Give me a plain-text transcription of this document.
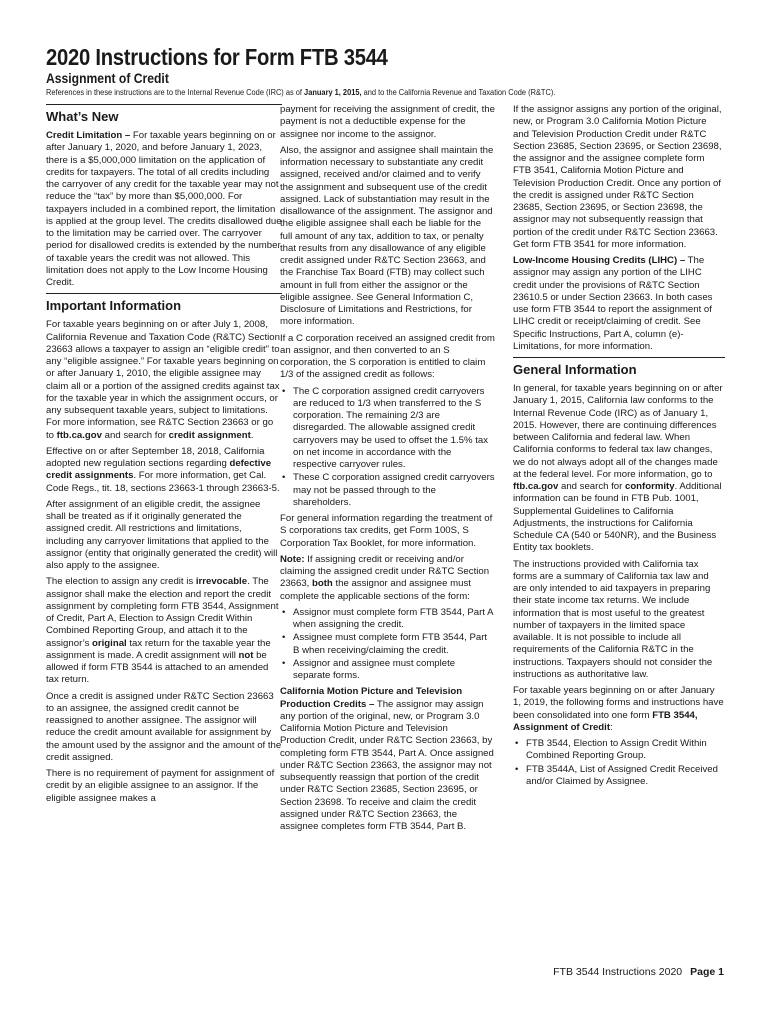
2020 Instructions for Form FTB 3544
Assignment of Credit
References in these instructions are to the Internal Revenue Code (IRC) as of January 1, 2015, and to the California Revenue and Taxation Code (R&TC).
What’s New

Credit Limitation – For taxable years beginning on or after January 1, 2020, and before January 1, 2023, there is a $5,000,000 limitation on the application of credits for taxpayers. The total of all credits including the carryover of any credit for the taxable year may not reduce the “tax” by more than $5,000,000. For taxpayers included in a combined report, the limitation is applied at the group level. The credits disallowed due to the limitation may be carried over. The carryover period for disallowed credits is extended by the number of taxable years the credit was not allowed. This limitation does not apply to the Low Income Housing Credit.

Important Information

For taxable years beginning on or after July 1, 2008, California Revenue and Taxation Code (R&TC) Section 23663 allows a taxpayer to assign an “eligible credit” to any “eligible assignee.” For taxable years beginning on or after January 1, 2010, the eligible assignee may claim all or a portion of the assigned credits against tax for the taxable year in which the assignment occurs, or any subsequent taxable years, subject to limitations. For more information, see R&TC Section 23663 or go to ftb.ca.gov and search for credit assignment.

Effective on or after September 18, 2018, California adopted new regulation sections regarding defective credit assignments. For more information, get Cal. Code Regs., tit. 18, sections 23663-1 through 23663-5.

After assignment of an eligible credit, the assignee shall be treated as if it originally generated the assigned credit. All restrictions and limitations, including any carryover limitations that applied to the assignor (entity that originally generated the credit) will also apply to the assignee.

The election to assign any credit is irrevocable. The assignor shall make the election and report the credit assignment by completing form FTB 3544, Assignment of Credit, Part A, Election to Assign Credit Within Combined Reporting Group, and attach it to the assignor’s original tax return for the taxable year the assignment is made. A credit assignment will not be allowed if form FTB 3544 is attached to an amended tax return.

Once a credit is assigned under R&TC Section 23663 to an assignee, the assigned credit cannot be reassigned to another assignee. The assignor will reduce the credit amount available for assignment by the amount used by the assignor and the amount of the credit assigned.

There is no requirement of payment for assignment of credit by an eligible assignee to an assignor. If the eligible assignee makes a

payment for receiving the assignment of credit, the payment is not a deductible expense for the assignee nor income to the assignor.

Also, the assignor and assignee shall maintain the information necessary to substantiate any credit assigned, received and/or claimed and to verify the assignment and subsequent use of the credit assigned. Lack of substantiation may result in the disallowance of the assignment. The assignor and the eligible assignee shall each be liable for the full amount of any tax, addition to tax, or penalty that results from any disallowance of any eligible credit assigned under R&TC Section 23663, and the Franchise Tax Board (FTB) may collect such amount in full from either the assignor or the eligible assignee. See General Information C, Disclosure of Limitations and Restrictions, for more information.

If a C corporation received an assigned credit from an assignor, and then converted to an S corporation, the S corporation is entitled to claim 1/3 of the assigned credit as follows:

• The C corporation assigned credit carryovers are reduced to 1/3 when transferred to the S corporation. The remaining 2/3 are disregarded. The allowable assigned credit carryovers may be used to offset the 1.5% tax on net income in accordance with the respective carryover rules.
• These C corporation assigned credit carryovers may not be passed through to the shareholders.

For general information regarding the treatment of S corporations tax credits, get Form 100S, S Corporation Tax Booklet, for more information.

Note: If assigning credit or receiving and/or claiming the assigned credit under R&TC Section 23663, both the assignor and assignee must complete the applicable sections of the form:

• Assignor must complete form FTB 3544, Part A when assigning the credit.
• Assignee must complete form FTB 3544, Part B when receiving/claiming the credit.
• Assignor and assignee must complete separate forms.

California Motion Picture and Television Production Credits – The assignor may assign any portion of the original, new, or Program 3.0 California Motion Picture and Television Production Credit, under R&TC Section 23663, by completing form FTB 3544, Part A. Once assigned under R&TC Section 23663, the assignor may not subsequently reassign that portion of the credit under R&TC Section 23685, Section 23695, or Section 23698. To receive and claim the credit assigned under R&TC Section 23663, the assignee completes form FTB 3544, Part B.

If the assignor assigns any portion of the original, new, or Program 3.0 California Motion Picture and Television Production Credit under R&TC Section 23685, Section 23695, or Section 23698, the assignor and the assignee complete form FTB 3541, California Motion Picture and Television Production Credit. Once any portion of the credit is assigned under R&TC Section 23685, Section 23695, or Section 23698, the assignor may not subsequently reassign that portion of the credit under R&TC Section 23663. Get form FTB 3541 for more information.

Low-Income Housing Credits (LIHC) – The assignor may assign any portion of the LIHC credit under the provisions of R&TC Section 23610.5 or under Section 23663. In both cases use form FTB 3544 to report the assignment of LIHC credit or receipt/claiming of credit. See Specific Instructions, Part A, column (e)- Limitations, for more information.

General Information

In general, for taxable years beginning on or after January 1, 2015, California law conforms to the Internal Revenue Code (IRC) as of January 1, 2015. However, there are continuing differences between California and federal law. When California conforms to federal tax law changes, we do not always adopt all of the changes made at the federal level. For more information, go to ftb.ca.gov and search for conformity. Additional information can be found in FTB Pub. 1001, Supplemental Guidelines to California Adjustments, the instructions for California Schedule CA (540 or 540NR), and the Business Entity tax booklets.

The instructions provided with California tax forms are a summary of California tax law and are only intended to aid taxpayers in preparing their state income tax returns. We include information that is most useful to the greatest number of taxpayers in the limited space available. It is not possible to include all requirements of the California R&TC in the instructions. Taxpayers should not consider the instructions as authoritative law.

For taxable years beginning on or after January 1, 2019, the following forms and instructions have been consolidated into one form FTB 3544, Assignment of Credit:

• FTB 3544, Election to Assign Credit Within Combined Reporting Group.
• FTB 3544A, List of Assigned Credit Received and/or Claimed by Assignee.
FTB 3544 Instructions 2020 Page 1
